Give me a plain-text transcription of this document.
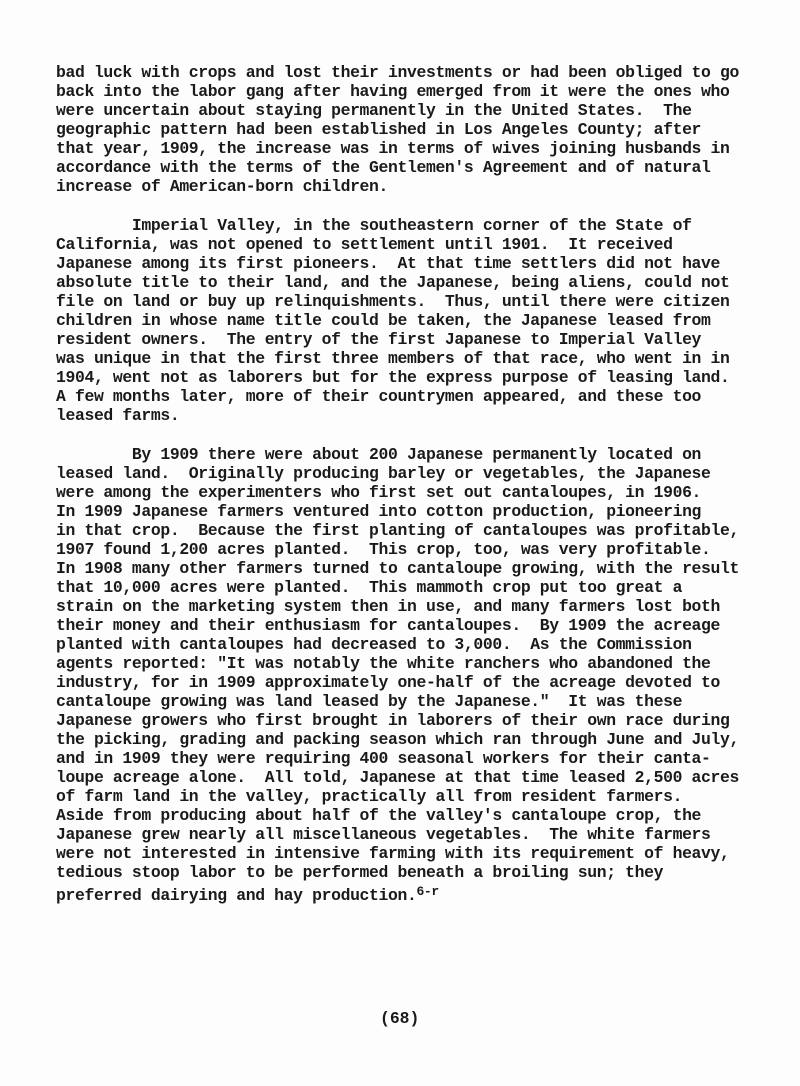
bad luck with crops and lost their investments or had been obliged to go
back into the labor gang after having emerged from it were the ones who
were uncertain about staying permanently in the United States.  The
geographic pattern had been established in Los Angeles County; after
that year, 1909, the increase was in terms of wives joining husbands in
accordance with the terms of the Gentlemen's Agreement and of natural
increase of American-born children.
Imperial Valley, in the southeastern corner of the State of
California, was not opened to settlement until 1901.  It received
Japanese among its first pioneers.  At that time settlers did not have
absolute title to their land, and the Japanese, being aliens, could not
file on land or buy up relinquishments.  Thus, until there were citizen
children in whose name title could be taken, the Japanese leased from
resident owners.  The entry of the first Japanese to Imperial Valley
was unique in that the first three members of that race, who went in in
1904, went not as laborers but for the express purpose of leasing land.
A few months later, more of their countrymen appeared, and these too
leased farms.
By 1909 there were about 200 Japanese permanently located on
leased land.  Originally producing barley or vegetables, the Japanese
were among the experimenters who first set out cantaloupes, in 1906.
In 1909 Japanese farmers ventured into cotton production, pioneering
in that crop.  Because the first planting of cantaloupes was profitable,
1907 found 1,200 acres planted.  This crop, too, was very profitable.
In 1908 many other farmers turned to cantaloupe growing, with the result
that 10,000 acres were planted.  This mammoth crop put too great a
strain on the marketing system then in use, and many farmers lost both
their money and their enthusiasm for cantaloupes.  By 1909 the acreage
planted with cantaloupes had decreased to 3,000.  As the Commission
agents reported: "It was notably the white ranchers who abandoned the
industry, for in 1909 approximately one-half of the acreage devoted to
cantaloupe growing was land leased by the Japanese."  It was these
Japanese growers who first brought in laborers of their own race during
the picking, grading and packing season which ran through June and July,
and in 1909 they were requiring 400 seasonal workers for their canta-
loupe acreage alone.  All told, Japanese at that time leased 2,500 acres
of farm land in the valley, practically all from resident farmers.
Aside from producing about half of the valley's cantaloupe crop, the
Japanese grew nearly all miscellaneous vegetables.  The white farmers
were not interested in intensive farming with its requirement of heavy,
tedious stoop labor to be performed beneath a broiling sun; they
preferred dairying and hay production.$^{6-r}$
(68)
